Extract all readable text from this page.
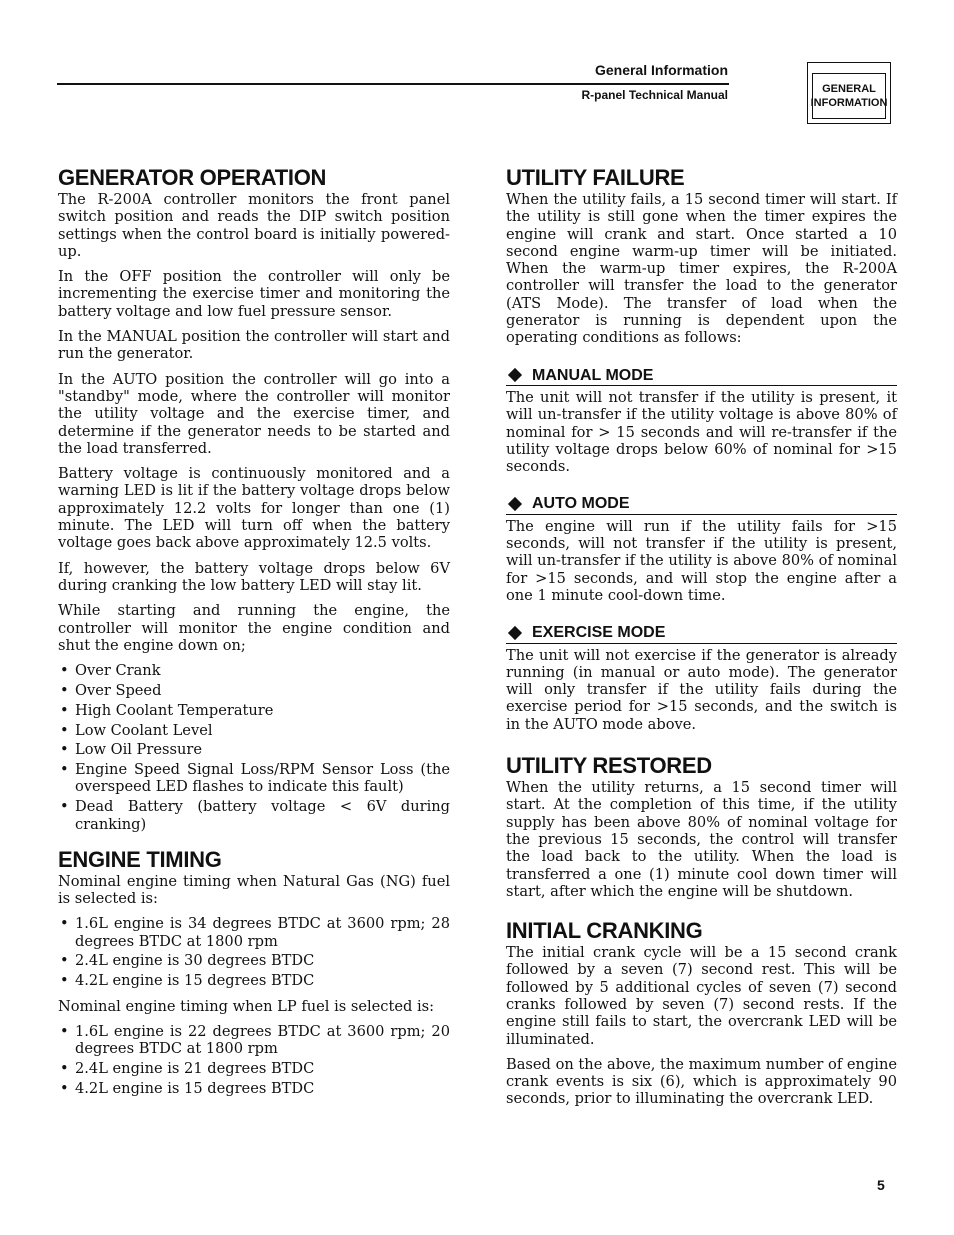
General Information
R-panel Technical Manual	GENERAL
INFORMATION
GENERATOR OPERATION

The R-200A controller monitors the front panel switch position and reads the DIP switch position settings when the control board is initially powered-up.

In the OFF position the controller will only be incrementing the exercise timer and monitoring the battery voltage and low fuel pressure sensor.

In the MANUAL position the controller will start and run the generator.

In the AUTO position the controller will go into a "standby" mode, where the controller will monitor the utility voltage and the exercise timer, and determine if the generator needs to be started and the load transferred.

Battery voltage is continuously monitored and a warning LED is lit if the battery voltage drops below approximately 12.2 volts for longer than one (1) minute. The LED will turn off when the battery voltage goes back above approximately 12.5 volts.

If, however, the battery voltage drops below 6V during cranking the low battery LED will stay lit.

While starting and running the engine, the controller will monitor the engine condition and shut the engine down on;

• Over Crank
• Over Speed
• High Coolant Temperature
• Low Coolant Level
• Low Oil Pressure
• Engine Speed Signal Loss/RPM Sensor Loss (the overspeed LED flashes to indicate this fault)
• Dead Battery (battery voltage < 6V during cranking)
ENGINE TIMING

Nominal engine timing when Natural Gas (NG) fuel is selected is:

• 1.6L engine is 34 degrees BTDC at 3600 rpm; 28 degrees BTDC at 1800 rpm
• 2.4L engine is 30 degrees BTDC
• 4.2L engine is 15 degrees BTDC

Nominal engine timing when LP fuel is selected is:

• 1.6L engine is 22 degrees BTDC at 3600 rpm; 20 degrees BTDC at 1800 rpm
• 2.4L engine is 21 degrees BTDC
• 4.2L engine is 15 degrees BTDC
UTILITY FAILURE

When the utility fails, a 15 second timer will start. If the utility is still gone when the timer expires the engine will crank and start. Once started a 10 second engine warm-up timer will be initiated. When the warm-up timer expires, the R-200A controller will transfer the load to the generator (ATS Mode). The transfer of load when the generator is running is dependent upon the operating conditions as follows:

MANUAL MODE

The unit will not transfer if the utility is present, it will un-transfer if the utility voltage is above 80% of nominal for > 15 seconds and will re-transfer if the utility voltage drops below 60% of nominal for >15 seconds.

AUTO MODE

The engine will run if the utility fails for >15 seconds, will not transfer if the utility is present, will un-transfer if the utility is above 80% of nominal for >15 seconds, and will stop the engine after a one 1 minute cool-down time.

EXERCISE MODE

The unit will not exercise if the generator is already running (in manual or auto mode). The generator will only transfer if the utility fails during the exercise period for >15 seconds, and the switch is in the AUTO mode above.

UTILITY RESTORED

When the utility returns, a 15 second timer will start. At the completion of this time, if the utility supply has been above 80% of nominal voltage for the previous 15 seconds, the control will transfer the load back to the utility. When the load is transferred a one (1) minute cool down timer will start, after which the engine will be shutdown.

INITIAL CRANKING

The initial crank cycle will be a 15 second crank followed by a seven (7) second rest. This will be followed by 5 additional cycles of seven (7) second cranks followed by seven (7) second rests. If the engine still fails to start, the overcrank LED will be illuminated.

Based on the above, the maximum number of engine crank events is six (6), which is approximately 90 seconds, prior to illuminating the overcrank LED.

5
